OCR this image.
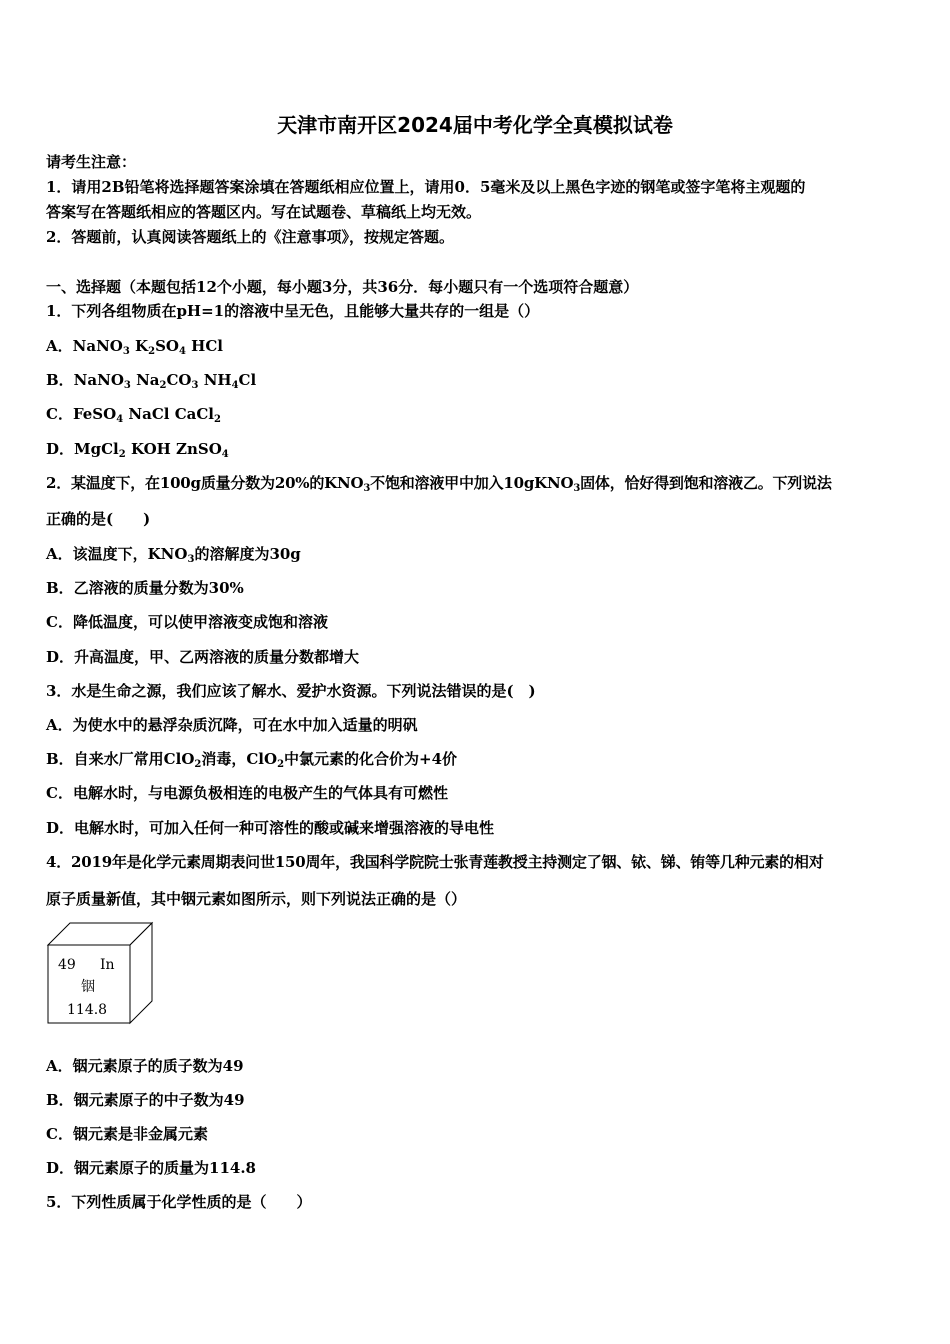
天津市南开区2024届中考化学全真模拟试卷
请考生注意：
1．请用2B铅笔将选择题答案涂填在答题纸相应位置上，请用0．5毫米及以上黑色字迹的钢笔或签字笔将主观题的
答案写在答题纸相应的答题区内。写在试题卷、草稿纸上均无效。
2．答题前，认真阅读答题纸上的《注意事项》，按规定答题。
一、选择题（本题包括12个小题，每小题3分，共36分．每小题只有一个选项符合题意）
1．下列各组物质在pH=1的溶液中呈无色，且能够大量共存的一组是（）
A．NaNO$_3$ $K_2SO_4$ HCl
B．NaNO$_3$ $Na_2CO_3$ $NH_4Cl$
C．FeSO$_4$ NaCl CaCl$_2$
D．MgCl$_2$ KOH ZnSO$_4$
2．某温度下，在100g质量分数为20%的$KNO_3$不饱和溶液甲中加入10gKNO$_3$固体，恰好得到饱和溶液乙。下列说法
正确的是(　　)
A．该温度下，$KNO_3$的溶解度为30g
B．乙溶液的质量分数为30%
C．降低温度，可以使甲溶液变成饱和溶液
D．升高温度，甲、乙两溶液的质量分数都增大
3．水是生命之源，我们应该了解水、爱护水资源。下列说法错误的是(　)
A．为使水中的悬浮杂质沉降，可在水中加入适量的明矾
B．自来水厂常用ClO$_2$消毒，ClO$_2$中氯元素的化合价为+4价
C．电解水时，与电源负极相连的电极产生的气体具有可燃性
D．电解水时，可加入任何一种可溶性的酸或碱来增强溶液的导电性
4．2019年是化学元素周期表问世150周年，我国科学院院士张青莲教授主持测定了铟、铱、锑、铕等几种元素的相对
原子质量新值，其中铟元素如图所示，则下列说法正确的是（）
49 In
铟
114.8
A．铟元素原子的质子数为49
B．铟元素原子的中子数为49
C．铟元素是非金属元素
D．铟元素原子的质量为114.8
5．下列性质属于化学性质的是（　　）
